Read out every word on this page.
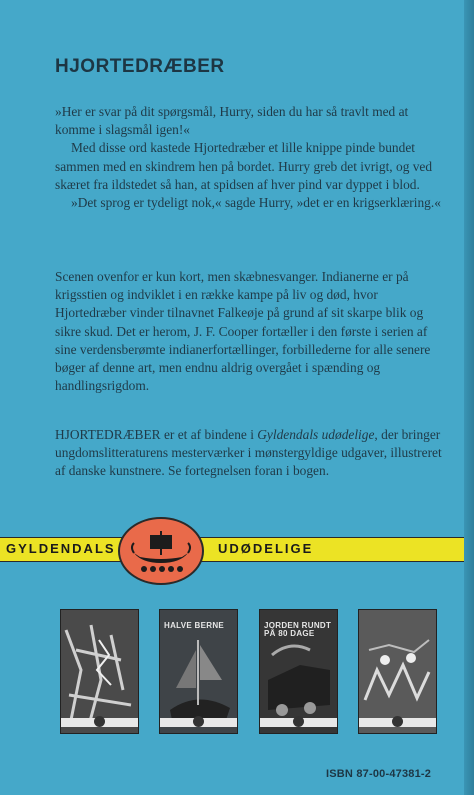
HJORTEDRÆBER

»Her er svar på dit spørgsmål, Hurry, siden du har så travlt med at komme i slagsmål igen!«

Med disse ord kastede Hjortedræber et lille knippe pinde bundet sammen med en skindrem hen på bordet. Hurry greb det ivrigt, og ved skæret fra ildstedet så han, at spidsen af hver pind var dyppet i blod.

»Det sprog er tydeligt nok,« sagde Hurry, »det er en krigserklæring.«

Scenen ovenfor er kun kort, men skæbnesvanger. Indianerne er på krigsstien og indviklet i en række kampe på liv og død, hvor Hjortedræber vinder tilnavnet Falkeøje på grund af sit skarpe blik og sikre skud. Det er herom, J. F. Cooper fortæller i den første i serien af sine verdensberømte indianerfortællinger, forbillederne for alle senere bøger af denne art, men endnu aldrig overgået i spænding og handlingsrigdom.

HJORTEDRÆBER er et af bindene i Gyldendals udødelige, der bringer ungdomslitteraturens mesterværker i mønstergyldige udgaver, illustreret af danske kunstnere. Se fortegnelsen foran i bogen.

GYLDENDALS	UDØDELIGE
HALVE BERNE	JORDEN RUNDT PÅ 80 DAGE
ISBN 87-00-47381-2
